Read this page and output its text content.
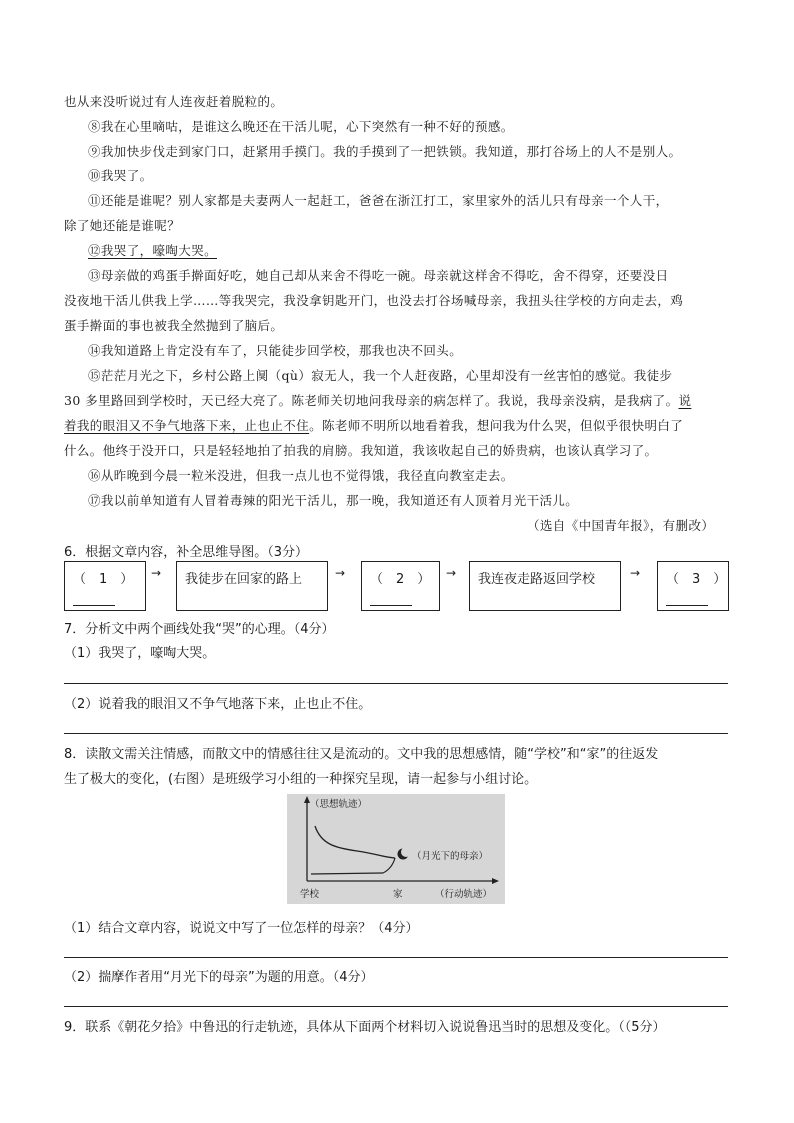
也从来没听说过有人连夜赶着脱粒的。
⑧我在心里嘀咕，是谁这么晚还在干活儿呢，心下突然有一种不好的预感。
⑨我加快步伐走到家门口，赶紧用手摸门。我的手摸到了一把铁锁。我知道，那打谷场上的人不是别人。
⑩我哭了。
⑪还能是谁呢？别人家都是夫妻两人一起赶工，爸爸在浙江打工，家里家外的活儿只有母亲一个人干，
除了她还能是谁呢？
⑫我哭了，嚎啕大哭。
⑬母亲做的鸡蛋手擀面好吃，她自己却从来舍不得吃一碗。母亲就这样舍不得吃，舍不得穿，还要没日
没夜地干活儿供我上学……等我哭完，我没拿钥匙开门，也没去打谷场喊母亲，我扭头往学校的方向走去，鸡
蛋手擀面的事也被我全然抛到了脑后。
⑭我知道路上肯定没有车了，只能徒步回学校，那我也决不回头。
⑮茫茫月光之下，乡村公路上阒（qù）寂无人，我一个人赶夜路，心里却没有一丝害怕的感觉。我徒步
30 多里路回到学校时，天已经大亮了。陈老师关切地问我母亲的病怎样了。我说，我母亲没病，是我病了。说
着我的眼泪又不争气地落下来，止也止不住。陈老师不明所以地看着我，想问我为什么哭，但似乎很快明白了
什么。他终于没开口，只是轻轻地拍了拍我的肩膀。我知道，我该收起自己的娇贵病，也该认真学习了。
⑯从昨晚到今晨一粒米没进，但我一点儿也不觉得饿，我径直向教室走去。
⑰我以前单知道有人冒着毒辣的阳光干活儿，那一晚，我知道还有人顶着月光干活儿。
（选自《中国青年报》，有删改）
6．根据文章内容，补全思维导图。（3分）
（　1　） → 我徒步在回家的路上	→ （　2　） → 我连夜走路返回学校	→ （　3　）
7．分析文中两个画线处我“哭”的心理。（4分）
（1）我哭了，嚎啕大哭。
（2）说着我的眼泪又不争气地落下来，止也止不住。
8．读散文需关注情感，而散文中的情感往往又是流动的。文中我的思想感情，随“学校”和“家”的往返发
生了极大的变化，(右图）是班级学习小组的一种探究呈现，请一起参与小组讨论。
（月光下的母亲）
（思想轨迹）
学校	家	（行动轨迹）
（1）结合文章内容，说说文中写了一位怎样的母亲？（4分）
（2）揣摩作者用“月光下的母亲”为题的用意。（4分）
9．联系《朝花夕拾》中鲁迅的行走轨迹，具体从下面两个材料切入说说鲁迅当时的思想及变化。（（5分）
